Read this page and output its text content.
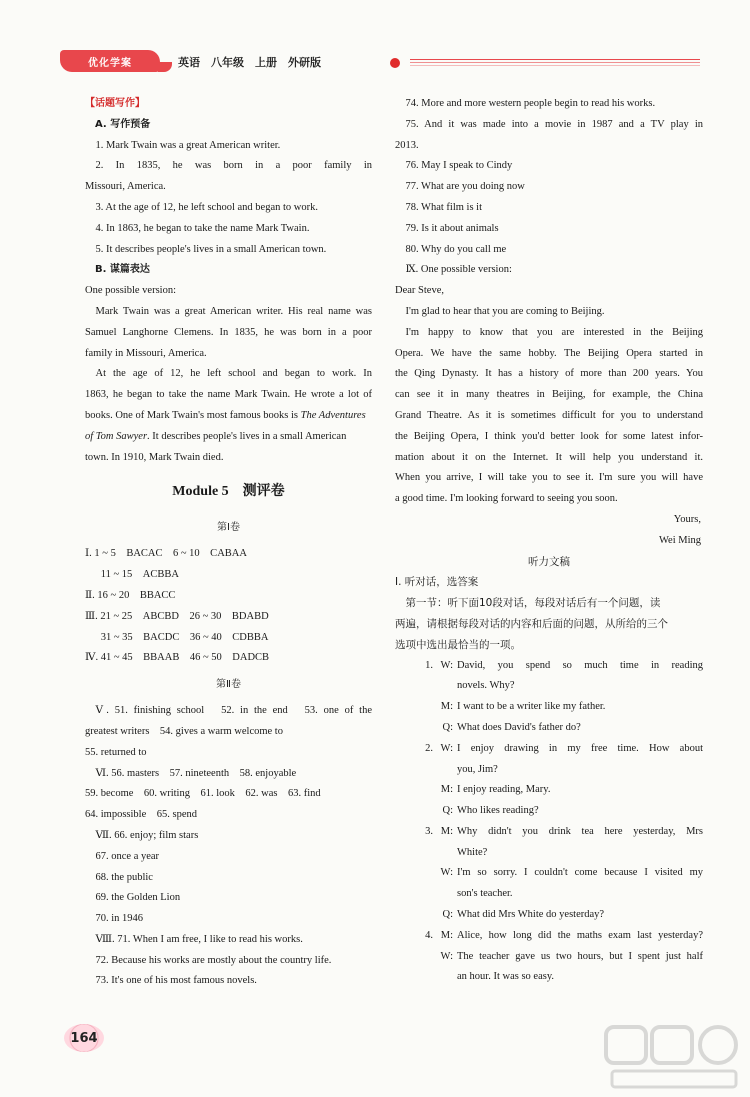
优化学案	英语　八年级　上册　外研版
【话题写作】
A. 写作预备
1. Mark Twain was a great American writer.
2. In 1835, he was born in a poor family in
Missouri, America.
3. At the age of 12, he left school and began to work.
4. In 1863, he began to take the name Mark Twain.
5. It describes people's lives in a small American town.
B. 谋篇表达
One possible version:
Mark Twain was a great American writer. His real name was
Samuel Langhorne Clemens. In 1835, he was born in a poor
family in Missouri, America.
At the age of 12, he left school and began to work. In
1863, he began to take the name Mark Twain. He wrote a lot of
books. One of Mark Twain's most famous books is The Adventures
of Tom Sawyer. It describes people's lives in a small American
town. In 1910, Mark Twain died.
Module 5　测评卷
第Ⅰ卷
Ⅰ. 1 ~ 5　BACAC　6 ~ 10　CABAA
11 ~ 15　ACBBA
Ⅱ. 16 ~ 20　BBACC
Ⅲ. 21 ~ 25　ABCBD　26 ~ 30　BDABD
31 ~ 35　BACDC　36 ~ 40　CDBBA
Ⅳ. 41 ~ 45　BBAAB　46 ~ 50　DADCB
第Ⅱ卷
Ⅴ. 51. finishing school　52. in the end　53. one of the
greatest writers　54. gives a warm welcome to
55. returned to
Ⅵ. 56. masters　57. nineteenth　58. enjoyable
59. become　60. writing　61. look　62. was　63. find
64. impossible　65. spend
Ⅶ. 66. enjoy; film stars
67. once a year
68. the public
69. the Golden Lion
70. in 1946
Ⅷ. 71. When I am free, I like to read his works.
72. Because his works are mostly about the country life.
73. It's one of his most famous novels.
74. More and more western people begin to read his works.
75. And it was made into a movie in 1987 and a TV play in
2013.
76. May I speak to Cindy
77. What are you doing now
78. What film is it
79. Is it about animals
80. Why do you call me
Ⅸ. One possible version:
Dear Steve,
I'm glad to hear that you are coming to Beijing.
I'm happy to know that you are interested in the Beijing
Opera. We have the same hobby. The Beijing Opera started in
the Qing Dynasty. It has a history of more than 200 years. You
can see it in many theatres in Beijing, for example, the China
Grand Theatre. As it is sometimes difficult for you to understand
the Beijing Opera, I think you'd better look for some latest infor-
mation about it on the Internet. It will help you understand it.
When you arrive, I will take you to see it. I'm sure you will have
a good time. I'm looking forward to seeing you soon.
Yours,
Wei Ming
听力文稿
Ⅰ. 听对话，选答案
第一节：听下面10段对话，每段对话后有一个问题，读
两遍，请根据每段对话的内容和后面的问题，从所给的三个
选项中选出最恰当的一项。
1. W: David, you spend so much time in reading
novels. Why?
M: I want to be a writer like my father.
Q: What does David's father do?
2. W: I enjoy drawing in my free time. How about
you, Jim?
M: I enjoy reading, Mary.
Q: Who likes reading?
3. M: Why didn't you drink tea here yesterday, Mrs
White?
W: I'm so sorry. I couldn't come because I visited my
son's teacher.
Q: What did Mrs White do yesterday?
4. M: Alice, how long did the maths exam last yesterday?
W: The teacher gave us two hours, but I spent just half
an hour. It was so easy.
164
